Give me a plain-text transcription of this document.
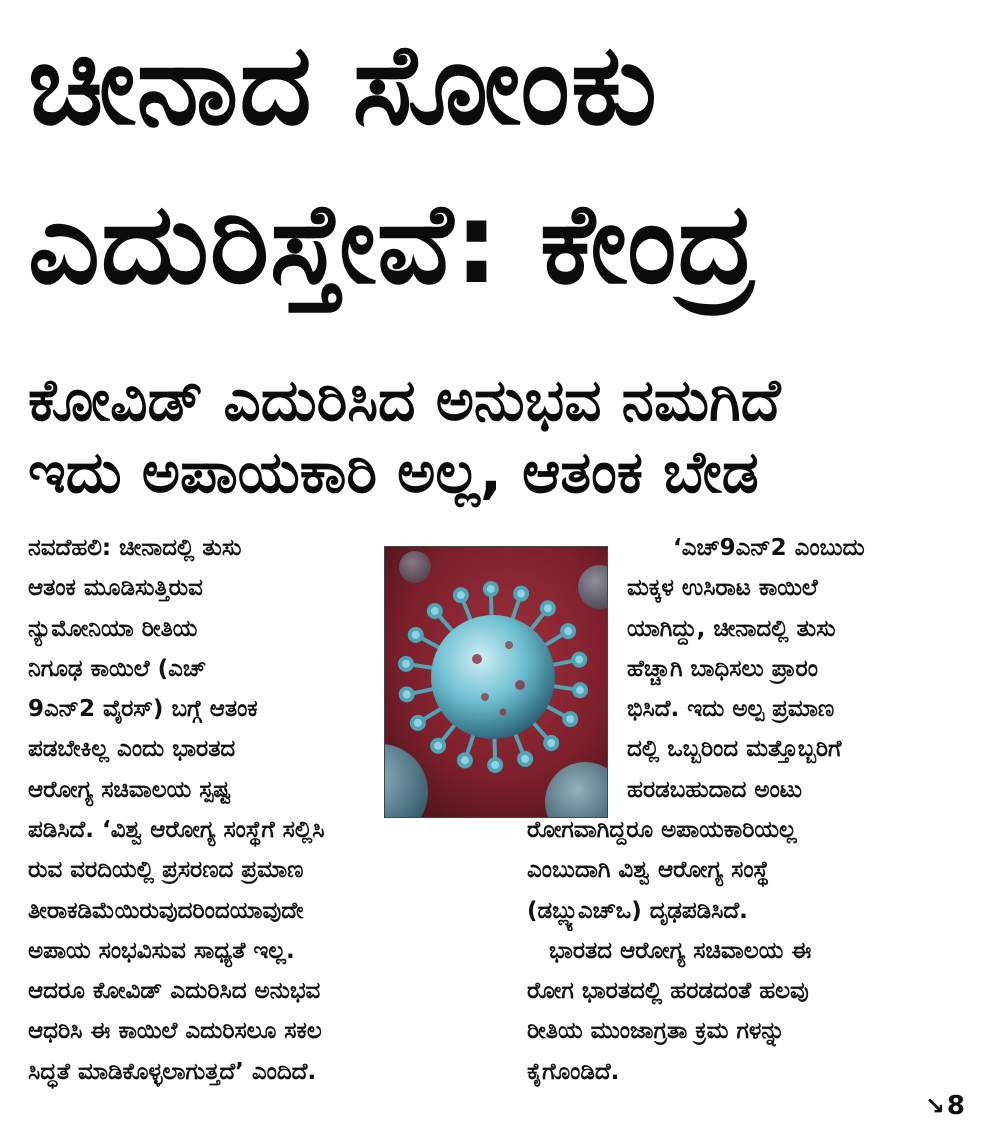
ಚೀನಾದ ಸೋಂಕು
ಎದುರಿಸ್ತೇವೆ: ಕೇಂದ್ರ
ಕೋವಿಡ್ ಎದುರಿಸಿದ ಅನುಭವ ನಮಗಿದೆ
ಇದು ಅಪಾಯಕಾರಿ ಅಲ್ಲ, ಆತಂಕ ಬೇಡ
ನವದೆಹಲಿ: ಚೀನಾದಲ್ಲಿ ತುಸು
ಆತಂಕ ಮೂಡಿಸುತ್ತಿರುವ
ನ್ಯುಮೋನಿಯಾ ರೀತಿಯ
ನಿಗೂಢ ಕಾಯಿಲೆ (ಎಚ್
9ಎನ್2 ವೈರಸ್) ಬಗ್ಗೆ ಆತಂಕ
ಪಡಬೇಕಿಲ್ಲ ಎಂದು ಭಾರತದ
ಆರೋಗ್ಯ ಸಚಿವಾಲಯ ಸ್ಪಷ್ಟ
‘ಎಚ್9ಎನ್2 ಎಂಬುದು
ಮಕ್ಕಳ ಉಸಿರಾಟ ಕಾಯಿಲೆ
ಯಾಗಿದ್ದು, ಚೀನಾದಲ್ಲಿ ತುಸು
ಹೆಚ್ಚಾಗಿ ಬಾಧಿಸಲು ಪ್ರಾರಂ
ಭಿಸಿದೆ. ಇದು ಅಲ್ಪ ಪ್ರಮಾಣ
ದಲ್ಲಿ ಒಬ್ಬರಿಂದ ಮತ್ತೊಬ್ಬರಿಗೆ
ಹರಡಬಹುದಾದ ಅಂಟು
ಪಡಿಸಿದೆ. ‘ವಿಶ್ವ ಆರೋಗ್ಯ ಸಂಸ್ಥೆಗೆ ಸಲ್ಲಿಸಿ
ರುವ ವರದಿಯಲ್ಲಿ ಪ್ರಸರಣದ ಪ್ರಮಾಣ
ತೀರಾಕಡಿಮೆಯಿರುವುದರಿಂದಯಾವುದೇ
ಅಪಾಯ ಸಂಭವಿಸುವ ಸಾಧ್ಯತೆ ಇಲ್ಲ.
ಆದರೂ ಕೋವಿಡ್ ಎದುರಿಸಿದ ಅನುಭವ
ಆಧರಿಸಿ ಈ ಕಾಯಿಲೆ ಎದುರಿಸಲೂ ಸಕಲ
ಸಿದ್ಧತೆ ಮಾಡಿಕೊಳ್ಳಲಾಗುತ್ತದೆ’ ಎಂದಿದೆ.
ರೋಗವಾಗಿದ್ದರೂ ಅಪಾಯಕಾರಿಯಲ್ಲ
ಎಂಬುದಾಗಿ ವಿಶ್ವ ಆರೋಗ್ಯ ಸಂಸ್ಥೆ
(ಡಬ್ಲ್ಯುಎಚ್ಒ) ದೃಢಪಡಿಸಿದೆ.
ಭಾರತದ ಆರೋಗ್ಯ ಸಚಿವಾಲಯ ಈ
ರೋಗ ಭಾರತದಲ್ಲಿ ಹರಡದಂತೆ ಹಲವು
ರೀತಿಯ ಮುಂಜಾಗ್ರತಾ ಕ್ರಮ ಗಳನ್ನು
ಕೈಗೊಂಡಿದೆ.
↘8
